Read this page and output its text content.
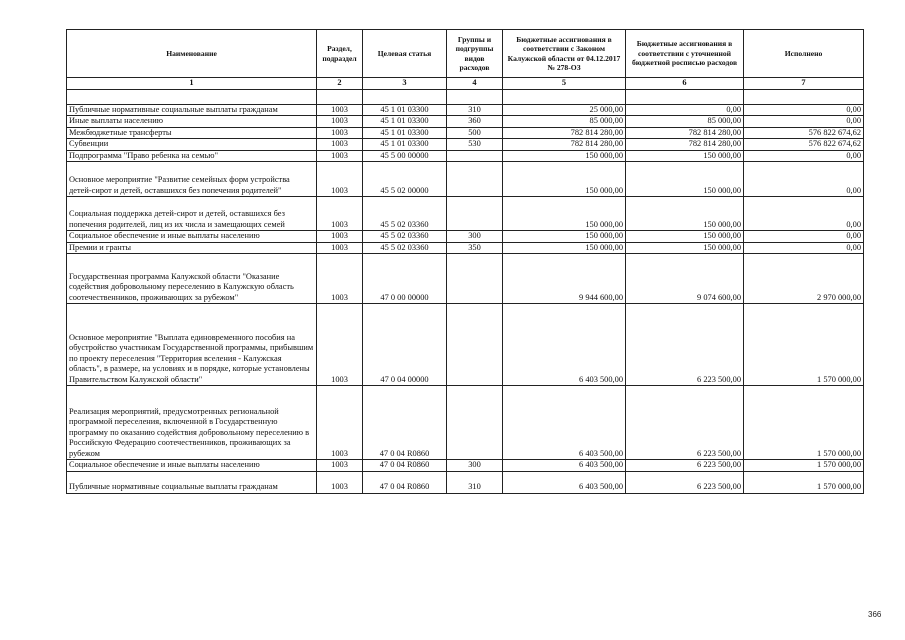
Наименование	Раздел, подраздел	Целевая статья	Группы и подгруппы видов расходов	Бюджетные ассигнования в соответствии с Законом Калужской области от 04.12.2017 № 278-ОЗ	Бюджетные ассигнования в соответствии с уточненной бюджетной росписью расходов	Исполнено
1	2	3	4	5	6	7

Публичные нормативные социальные выплаты гражданам	1003	45 1 01 03300	310	25 000,00	0,00	0,00
Иные выплаты населению	1003	45 1 01 03300	360	85 000,00	85 000,00	0,00
Межбюджетные трансферты	1003	45 1 01 03300	500	782 814 280,00	782 814 280,00	576 822 674,62
Субвенции	1003	45 1 01 03300	530	782 814 280,00	782 814 280,00	576 822 674,62
Подпрограмма "Право ребенка на семью"	1003	45 5 00 00000		150 000,00	150 000,00	0,00
Основное мероприятие "Развитие семейных форм устройства детей-сирот и детей, оставшихся без попечения родителей"	1003	45 5 02 00000		150 000,00	150 000,00	0,00
Социальная поддержка детей-сирот и детей, оставшихся без попечения родителей, лиц из их числа и замещающих семей	1003	45 5 02 03360		150 000,00	150 000,00	0,00
Социальное обеспечение и иные выплаты населению	1003	45 5 02 03360	300	150 000,00	150 000,00	0,00
Премии и гранты	1003	45 5 02 03360	350	150 000,00	150 000,00	0,00
Государственная программа Калужской области "Оказание содействия добровольному переселению в Калужскую область соотечественников, проживающих за рубежом"	1003	47 0 00 00000		9 944 600,00	9 074 600,00	2 970 000,00
Основное мероприятие "Выплата единовременного пособия на обустройство участникам Государственной программы, прибывшим по проекту переселения "Территория вселения - Калужская область", в размере, на условиях и в порядке, которые установлены Правительством Калужской области"	1003	47 0 04 00000		6 403 500,00	6 223 500,00	1 570 000,00
Реализация мероприятий, предусмотренных региональной программой переселения, включенной в Государственную программу по оказанию содействия добровольному переселению в Российскую Федерацию соотечественников, проживающих за рубежом	1003	47 0 04 R0860		6 403 500,00	6 223 500,00	1 570 000,00
Социальное обеспечение и иные выплаты населению	1003	47 0 04 R0860	300	6 403 500,00	6 223 500,00	1 570 000,00
Публичные нормативные социальные выплаты гражданам	1003	47 0 04 R0860	310	6 403 500,00	6 223 500,00	1 570 000,00
366
